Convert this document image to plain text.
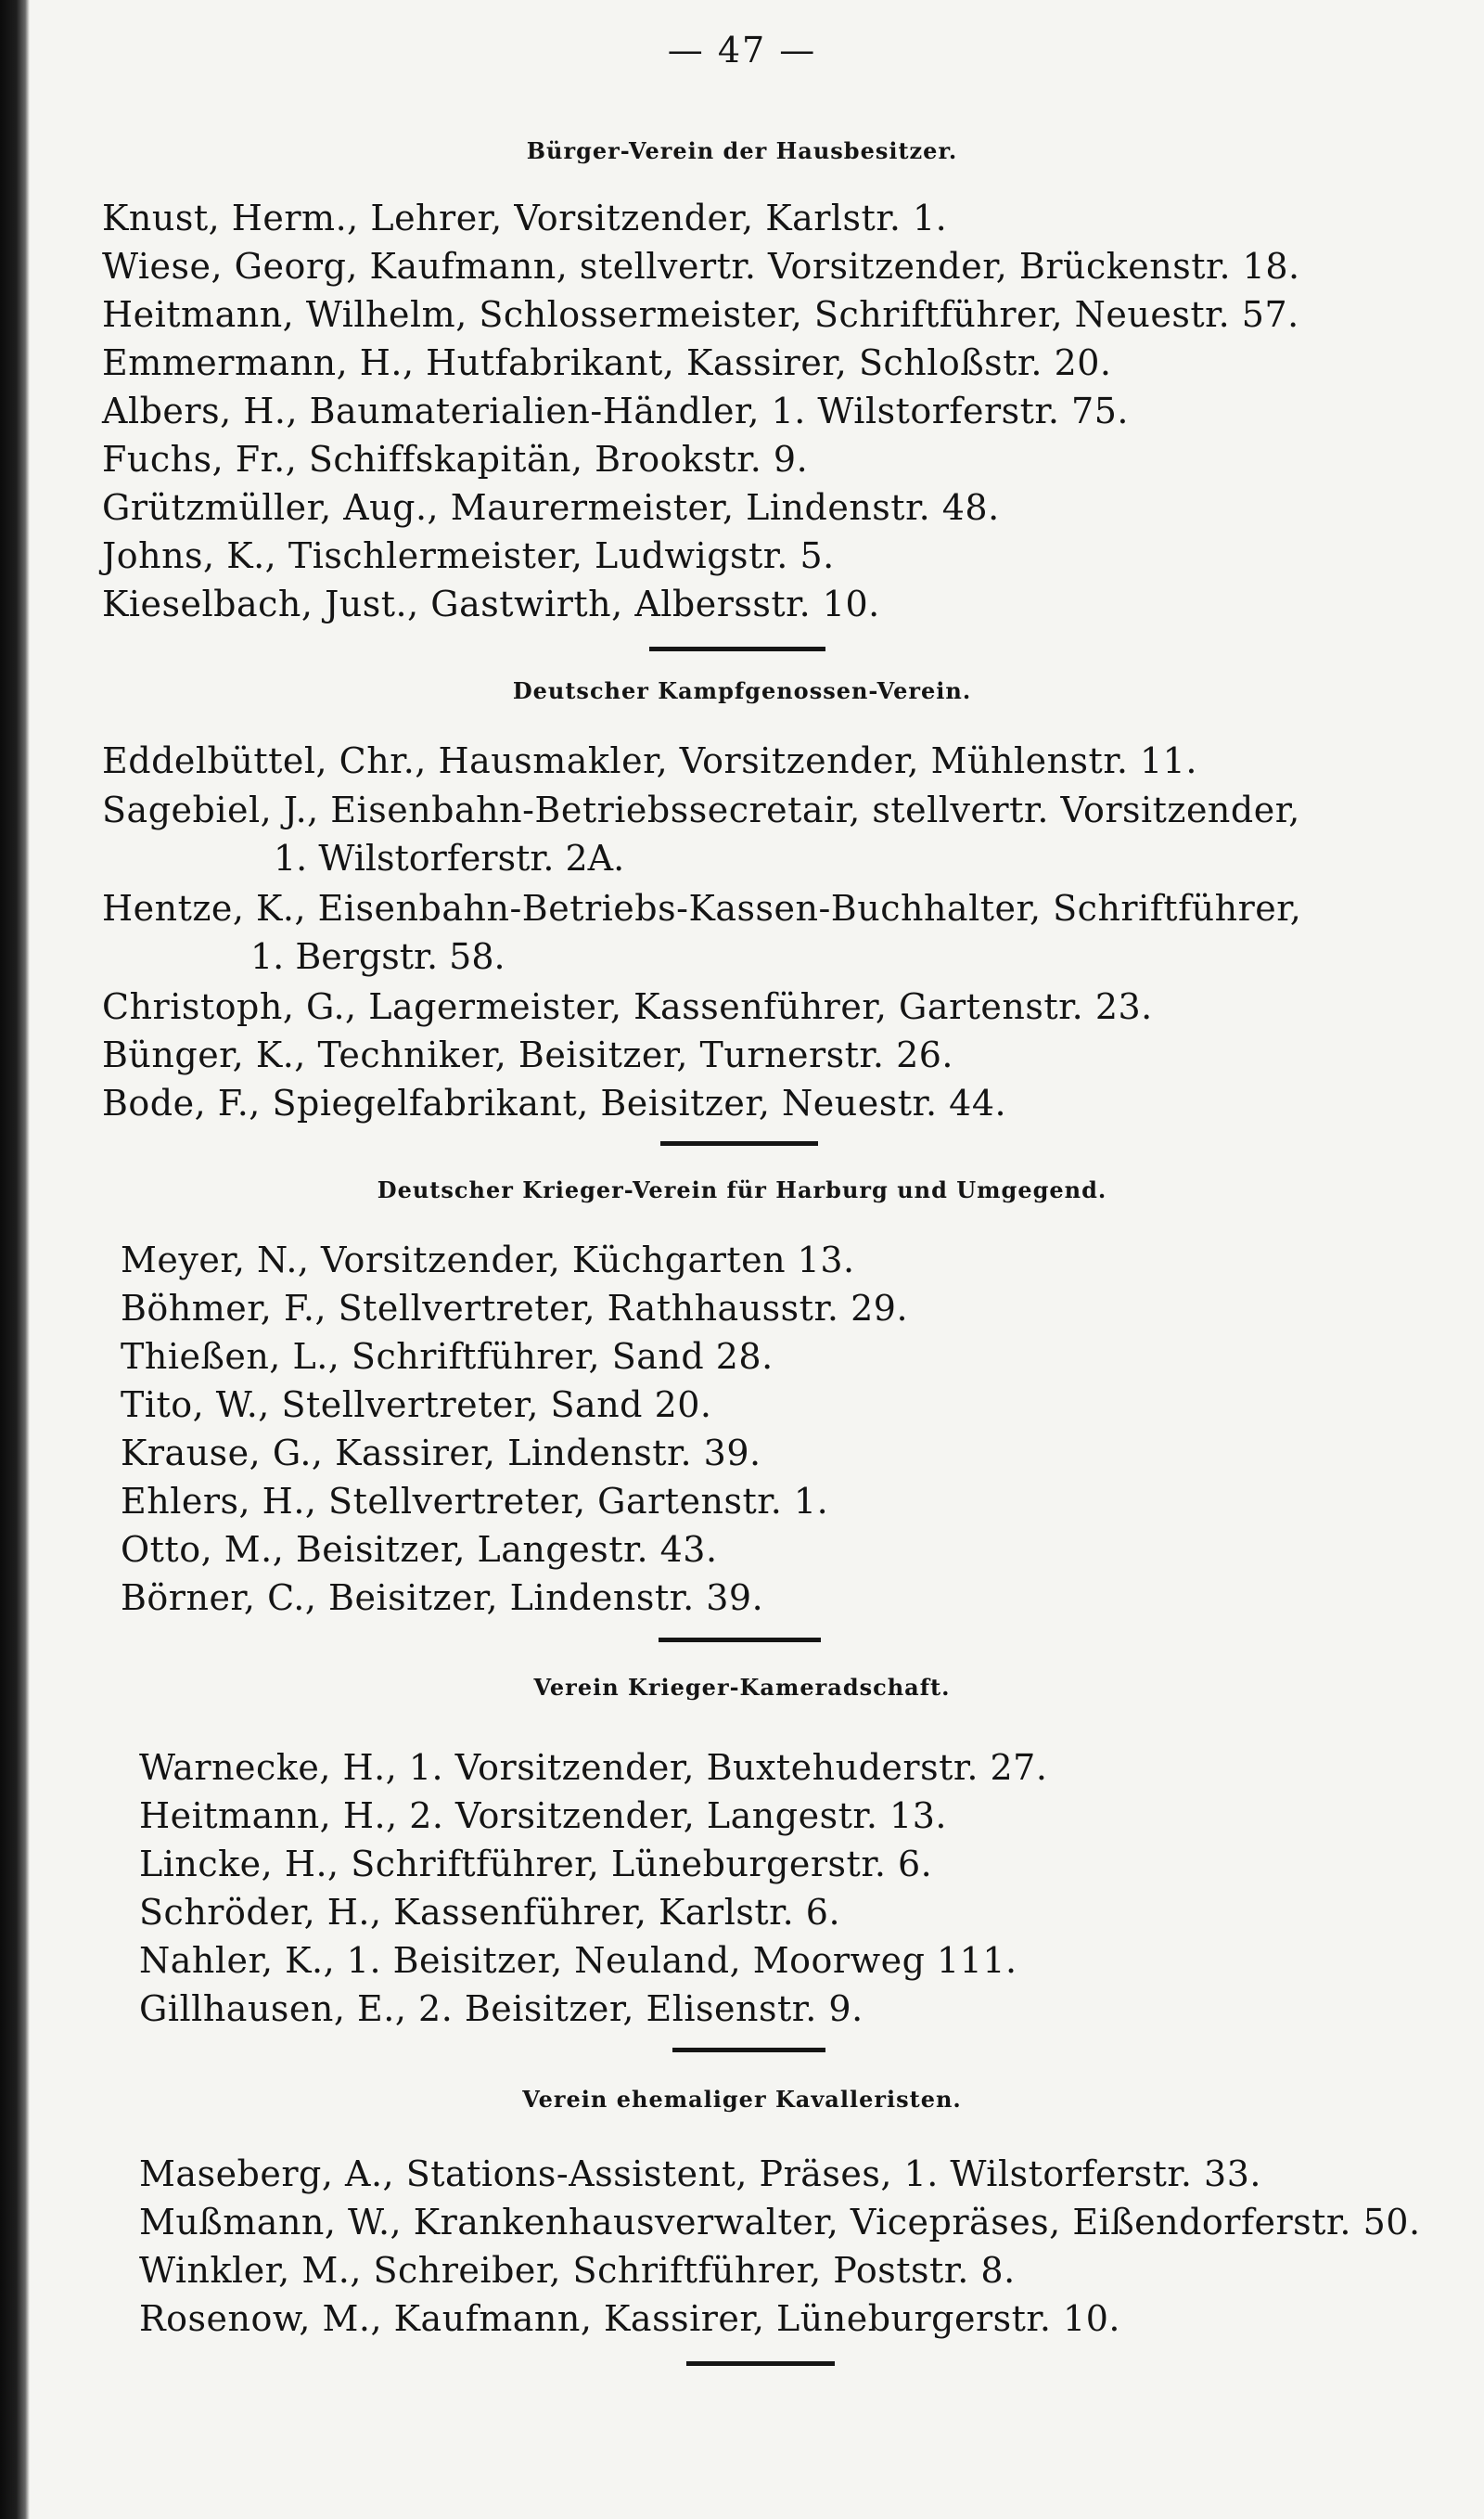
— 47 —
Bürger-Verein der Hausbesitzer.
Knust, Herm., Lehrer, Vorsitzender, Karlstr. 1.
Wiese, Georg, Kaufmann, stellvertr. Vorsitzender, Brückenstr. 18.
Heitmann, Wilhelm, Schlossermeister, Schriftführer, Neuestr. 57.
Emmermann, H., Hutfabrikant, Kassirer, Schloßstr. 20.
Albers, H., Baumaterialien-Händler, 1. Wilstorferstr. 75.
Fuchs, Fr., Schiffskapitän, Brookstr. 9.
Grützmüller, Aug., Maurermeister, Lindenstr. 48.
Johns, K., Tischlermeister, Ludwigstr. 5.
Kieselbach, Just., Gastwirth, Albersstr. 10.
Deutscher Kampfgenossen-Verein.
Eddelbüttel, Chr., Hausmakler, Vorsitzender, Mühlenstr. 11.
Sagebiel, J., Eisenbahn-Betriebssecretair, stellvertr. Vorsitzender,
1. Wilstorferstr. 2A.
Hentze, K., Eisenbahn-Betriebs-Kassen-Buchhalter, Schriftführer,
1. Bergstr. 58.
Christoph, G., Lagermeister, Kassenführer, Gartenstr. 23.
Bünger, K., Techniker, Beisitzer, Turnerstr. 26.
Bode, F., Spiegelfabrikant, Beisitzer, Neuestr. 44.
Deutscher Krieger-Verein für Harburg und Umgegend.
Meyer, N., Vorsitzender, Küchgarten 13.
Böhmer, F., Stellvertreter, Rathhausstr. 29.
Thießen, L., Schriftführer, Sand 28.
Tito, W., Stellvertreter, Sand 20.
Krause, G., Kassirer, Lindenstr. 39.
Ehlers, H., Stellvertreter, Gartenstr. 1.
Otto, M., Beisitzer, Langestr. 43.
Börner, C., Beisitzer, Lindenstr. 39.
Verein Krieger-Kameradschaft.
Warnecke, H., 1. Vorsitzender, Buxtehuderstr. 27.
Heitmann, H., 2. Vorsitzender, Langestr. 13.
Lincke, H., Schriftführer, Lüneburgerstr. 6.
Schröder, H., Kassenführer, Karlstr. 6.
Nahler, K., 1. Beisitzer, Neuland, Moorweg 111.
Gillhausen, E., 2. Beisitzer, Elisenstr. 9.
Verein ehemaliger Kavalleristen.
Maseberg, A., Stations-Assistent, Präses, 1. Wilstorferstr. 33.
Mußmann, W., Krankenhausverwalter, Vicepräses, Eißendorferstr. 50.
Winkler, M., Schreiber, Schriftführer, Poststr. 8.
Rosenow, M., Kaufmann, Kassirer, Lüneburgerstr. 10.
